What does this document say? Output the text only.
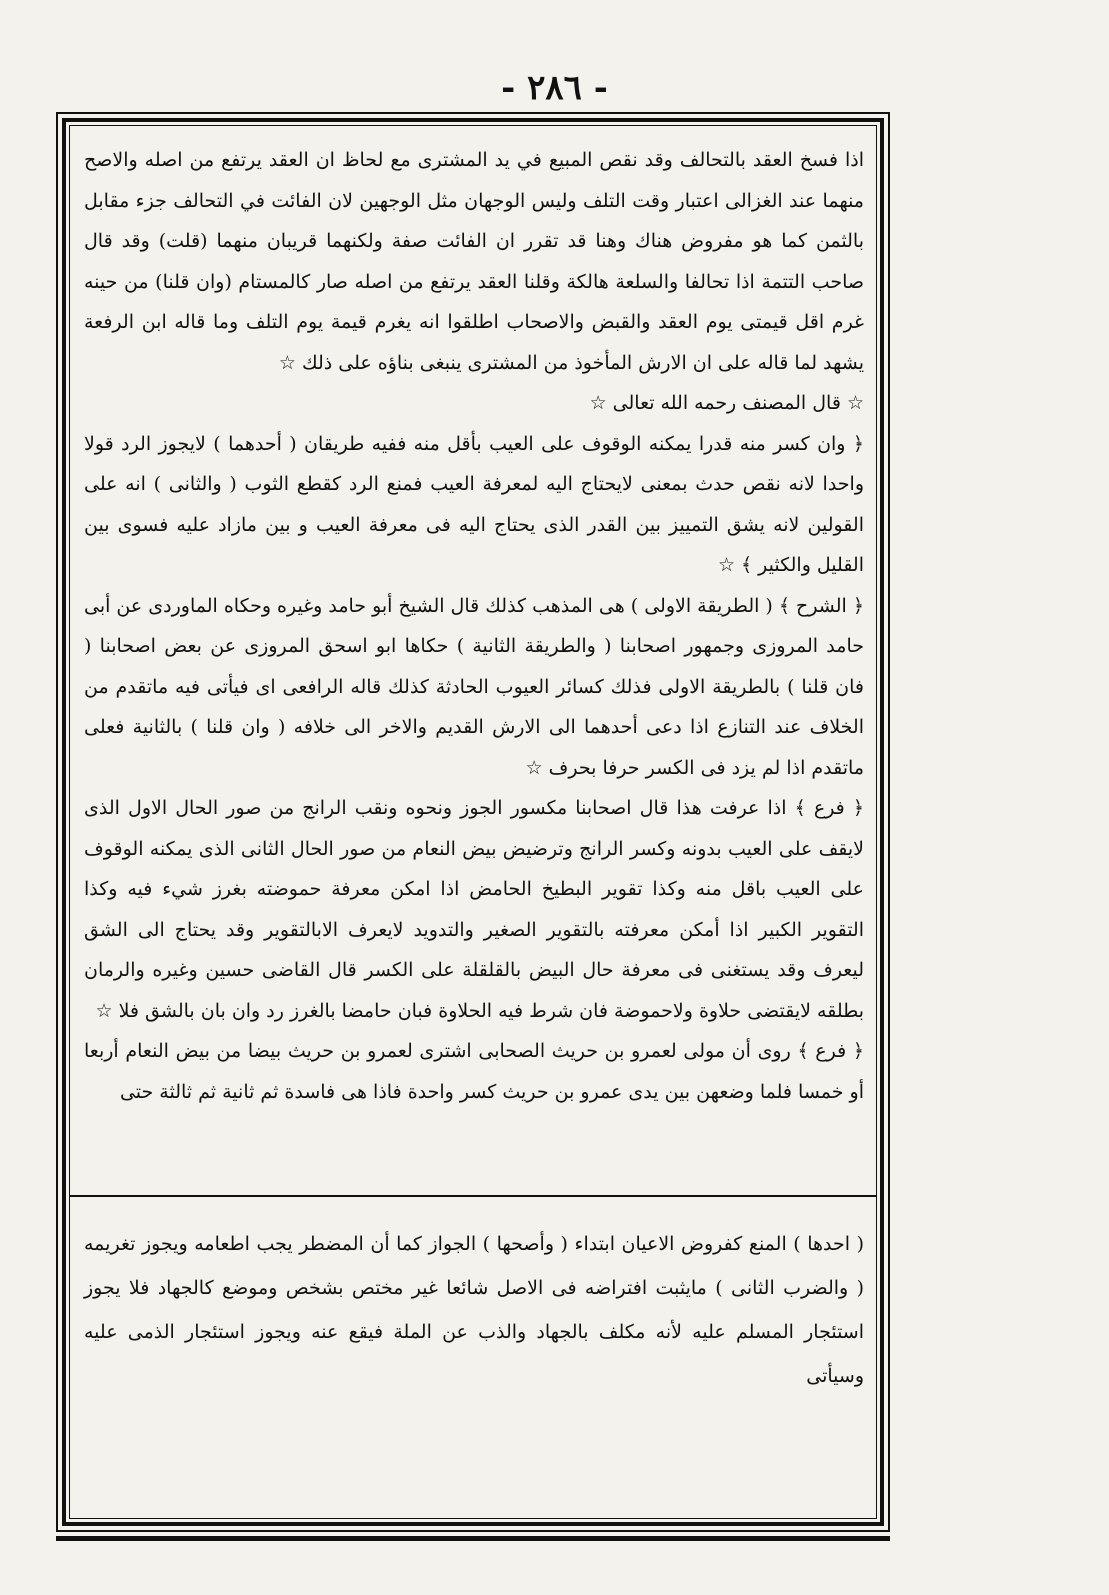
- ٢٨٦ -

اذا فسخ العقد بالتحالف وقد نقص المبيع في يد المشترى مع لحاظ ان العقد يرتفع من اصله والاصح منهما عند الغزالى اعتبار وقت التلف وليس الوجهان مثل الوجهين لان الفائت في التحالف جزء مقابل بالثمن كما هو مفروض هناك وهنا قد تقرر ان الفائت صفة ولكنهما قريبان منهما (قلت) وقد قال صاحب التتمة اذا تحالفا والسلعة هالكة وقلنا العقد يرتفع من اصله صار كالمستام (وان قلنا) من حينه غرم اقل قيمتى يوم العقد والقبض والاصحاب اطلقوا انه يغرم قيمة يوم التلف وما قاله ابن الرفعة يشهد لما قاله على ان الارش المأخوذ من المشترى ينبغى بناؤه على ذلك ☆

☆ قال المصنف رحمه الله تعالى ☆

﴿ وان كسر منه قدرا يمكنه الوقوف على العيب بأقل منه ففيه طريقان ( أحدهما ) لايجوز الرد قولا واحدا لانه نقص حدث بمعنى لايحتاج اليه لمعرفة العيب فمنع الرد كقطع الثوب ( والثانى ) انه على القولين لانه يشق التمييز بين القدر الذى يحتاج اليه فى معرفة العيب و بين مازاد عليه فسوى بين القليل والكثير ﴾ ☆

﴿ الشرح ﴾ ( الطريقة الاولى ) هى المذهب كذلك قال الشيخ أبو حامد وغيره وحكاه الماوردى عن أبى حامد المروزى وجمهور اصحابنا ( والطريقة الثانية ) حكاها ابو اسحق المروزى عن بعض اصحابنا ( فان قلنا ) بالطريقة الاولى فذلك كسائر العيوب الحادثة كذلك قاله الرافعى اى فيأتى فيه ماتقدم من الخلاف عند التنازع اذا دعى أحدهما الى الارش القديم والاخر الى خلافه ( وان قلنا ) بالثانية فعلى ماتقدم اذا لم يزد فى الكسر حرفا بحرف ☆

﴿ فرع ﴾ اذا عرفت هذا قال اصحابنا مكسور الجوز ونحوه ونقب الرانج من صور الحال الاول الذى لايقف على العيب بدونه وكسر الرانج وترضيض بيض النعام من صور الحال الثانى الذى يمكنه الوقوف على العيب باقل منه وكذا تقوير البطيخ الحامض اذا امكن معرفة حموضته بغرز شيء فيه وكذا التقوير الكبير اذا أمكن معرفته بالتقوير الصغير والتدويد لايعرف الابالتقوير وقد يحتاج الى الشق ليعرف وقد يستغنى فى معرفة حال البيض بالقلقلة على الكسر قال القاضى حسين وغيره والرمان بطلقه لايقتضى حلاوة ولاحموضة فان شرط فيه الحلاوة فبان حامضا بالغرز رد وان بان بالشق فلا ☆

﴿ فرع ﴾ روى أن مولى لعمرو بن حريث الصحابى اشترى لعمرو بن حريث بيضا من بيض النعام أربعا أو خمسا فلما وضعهن بين يدى عمرو بن حريث كسر واحدة فاذا هى فاسدة ثم ثانية ثم ثالثة حتى

( احدها ) المنع كفروض الاعيان ابتداء ( وأصحها ) الجواز كما أن المضطر يجب اطعامه ويجوز تغريمه ( والضرب الثانى ) مايثبت افتراضه فى الاصل شائعا غير مختص بشخص وموضع كالجهاد فلا يجوز استئجار المسلم عليه لأنه مكلف بالجهاد والذب عن الملة فيقع عنه ويجوز استئجار الذمى عليه وسيأتى
